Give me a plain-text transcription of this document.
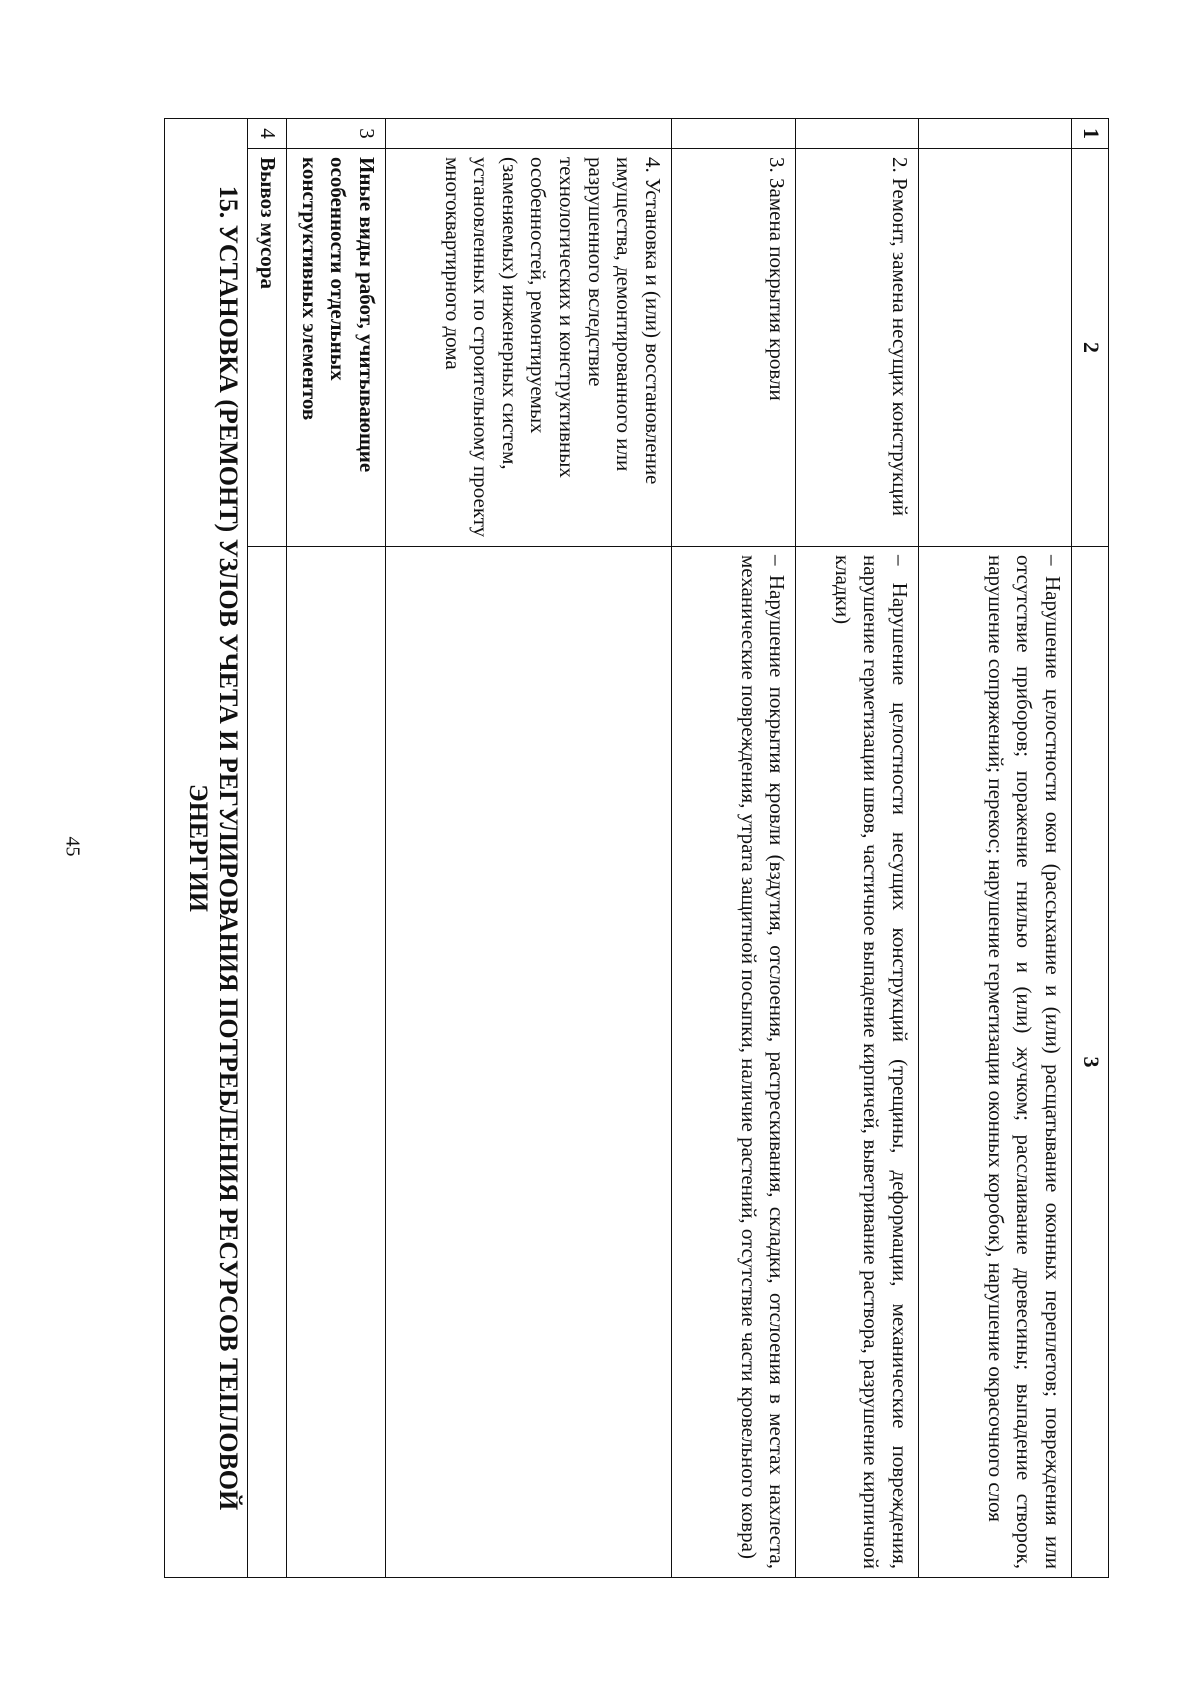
45
1	2	3
		– Нарушение целостности окон (рассыхание и (или) расщатывание оконных переплетов; повреждения или отсутствие приборов; поражение гнилью и (или) жучком; расслаивание древесины; выпадение створок, нарушение сопряжений; перекос; нарушение герметизации оконных коробок), нарушение окрасочного слоя
	2. Ремонт, замена несущих конструкций	– Нарушение целостности несущих конструкций (трещины, деформации, механические повреждения, нарушение герметизации швов, частичное выпадение кирпичей, выветривание раствора, разрушение кирпичной кладки)
	3. Замена покрытия кровли	– Нарушение покрытия кровли (вздутия, отслоения, растрескивания, складки, отслоения в местах нахлеста, механические повреждения, утрата защитной посыпки, наличие растений, отсутствие части кровельного ковра)
	4. Установка и (или) восстановление имущества, демонтированного или разрушенного вследствие технологических и конструктивных особенностей, ремонтируемых (заменяемых) инженерных систем, установленных по строительному проекту многоквартирного дома	
3	Иные виды работ, учитывающие особенности отдельных конструктивных элементов	
4	Вывоз мусора	
15. УСТАНОВКА (РЕМОНТ) УЗЛОВ УЧЕТА И РЕГУЛИРОВАНИЯ ПОТРЕБЛЕНИЯ РЕСУРСОВ ТЕПЛОВОЙ ЭНЕРГИИ		
